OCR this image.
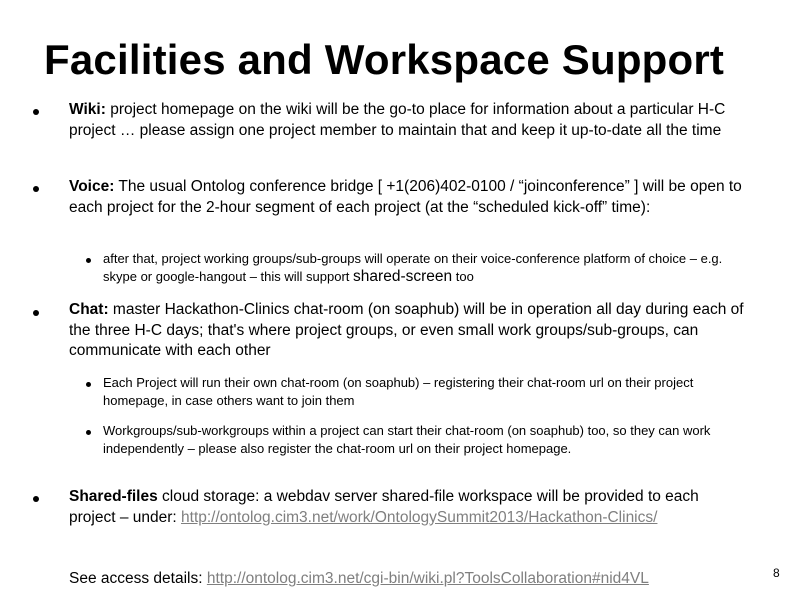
Facilities and Workspace Support
Wiki: project homepage on the wiki will be the go-to place for information about a particular H-C project … please assign one project member to maintain that and keep it up-to-date all the time
Voice: The usual Ontolog conference bridge [ +1(206)402-0100 / “joinconference” ] will be open to each project for the 2-hour segment of each project (at the “scheduled kick-off” time):
after that, project working groups/sub-groups will operate on their voice-conference platform of choice – e.g. skype or google-hangout – this will support shared-screen too
Chat: master Hackathon-Clinics chat-room (on soaphub) will be in operation all day during each of the three H-C days; that's where project groups, or even small work groups/sub-groups, can communicate with each other
Each Project will run their own chat-room (on soaphub) – registering their chat-room url on their project homepage, in case others want to join them
Workgroups/sub-workgroups within a project can start their chat-room (on soaphub) too, so they can work independently – please also register the chat-room url on their project homepage.
Shared-files cloud storage: a webdav server shared-file workspace will be provided to each project – under: http://ontolog.cim3.net/work/OntologySummit2013/Hackathon-Clinics/
See access details: http://ontolog.cim3.net/cgi-bin/wiki.pl?ToolsCollaboration#nid4VL	8
